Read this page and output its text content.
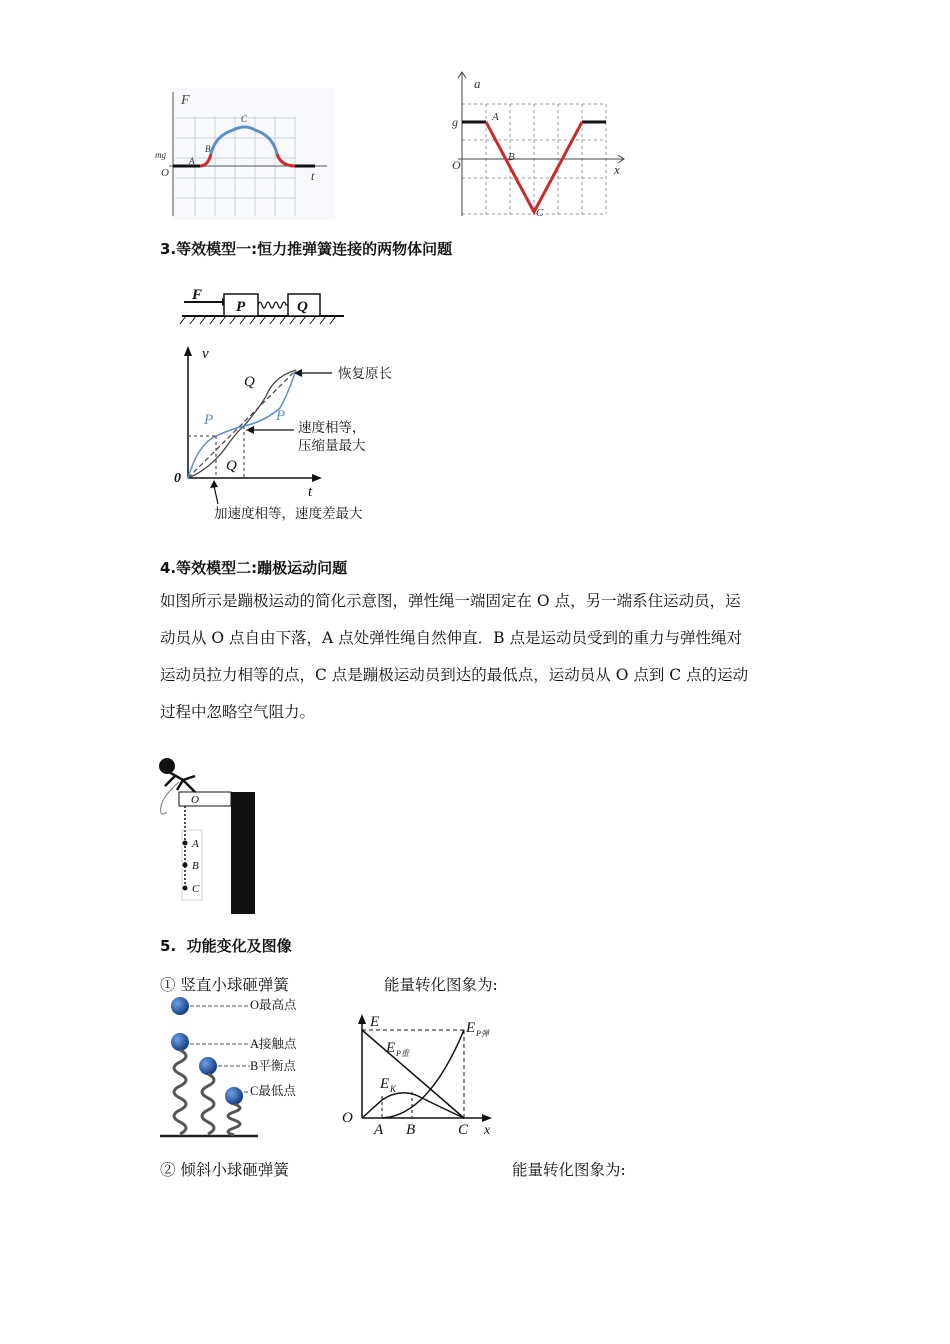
F
mg
O	t
A
B
C
a
g
O	x
A
B
C
3.等效模型一:恒力推弹簧连接的两物体问题
F
P	Q
v
t
0
Q
P	P
Q
恢复原长
速度相等，
压缩量最大
加速度相等，速度差最大
4.等效模型二:蹦极运动问题
如图所示是蹦极运动的简化示意图，弹性绳一端固定在 O 点，另一端系住运动员，运
动员从 O 点自由下落，A 点处弹性绳自然伸直．B 点是运动员受到的重力与弹性绳对
运动员拉力相等的点，C 点是蹦极运动员到达的最低点，运动员从 O 点到 C 点的运动
过程中忽略空气阻力。
O
A
B
C
5.  功能变化及图像
① 竖直小球砸弹簧	能量转化图象为:
O最高点
A接触点
B平衡点
C最低点
E	E P弹
E P重
E K
O
A B	C x
② 倾斜小球砸弹簧	能量转化图象为:
